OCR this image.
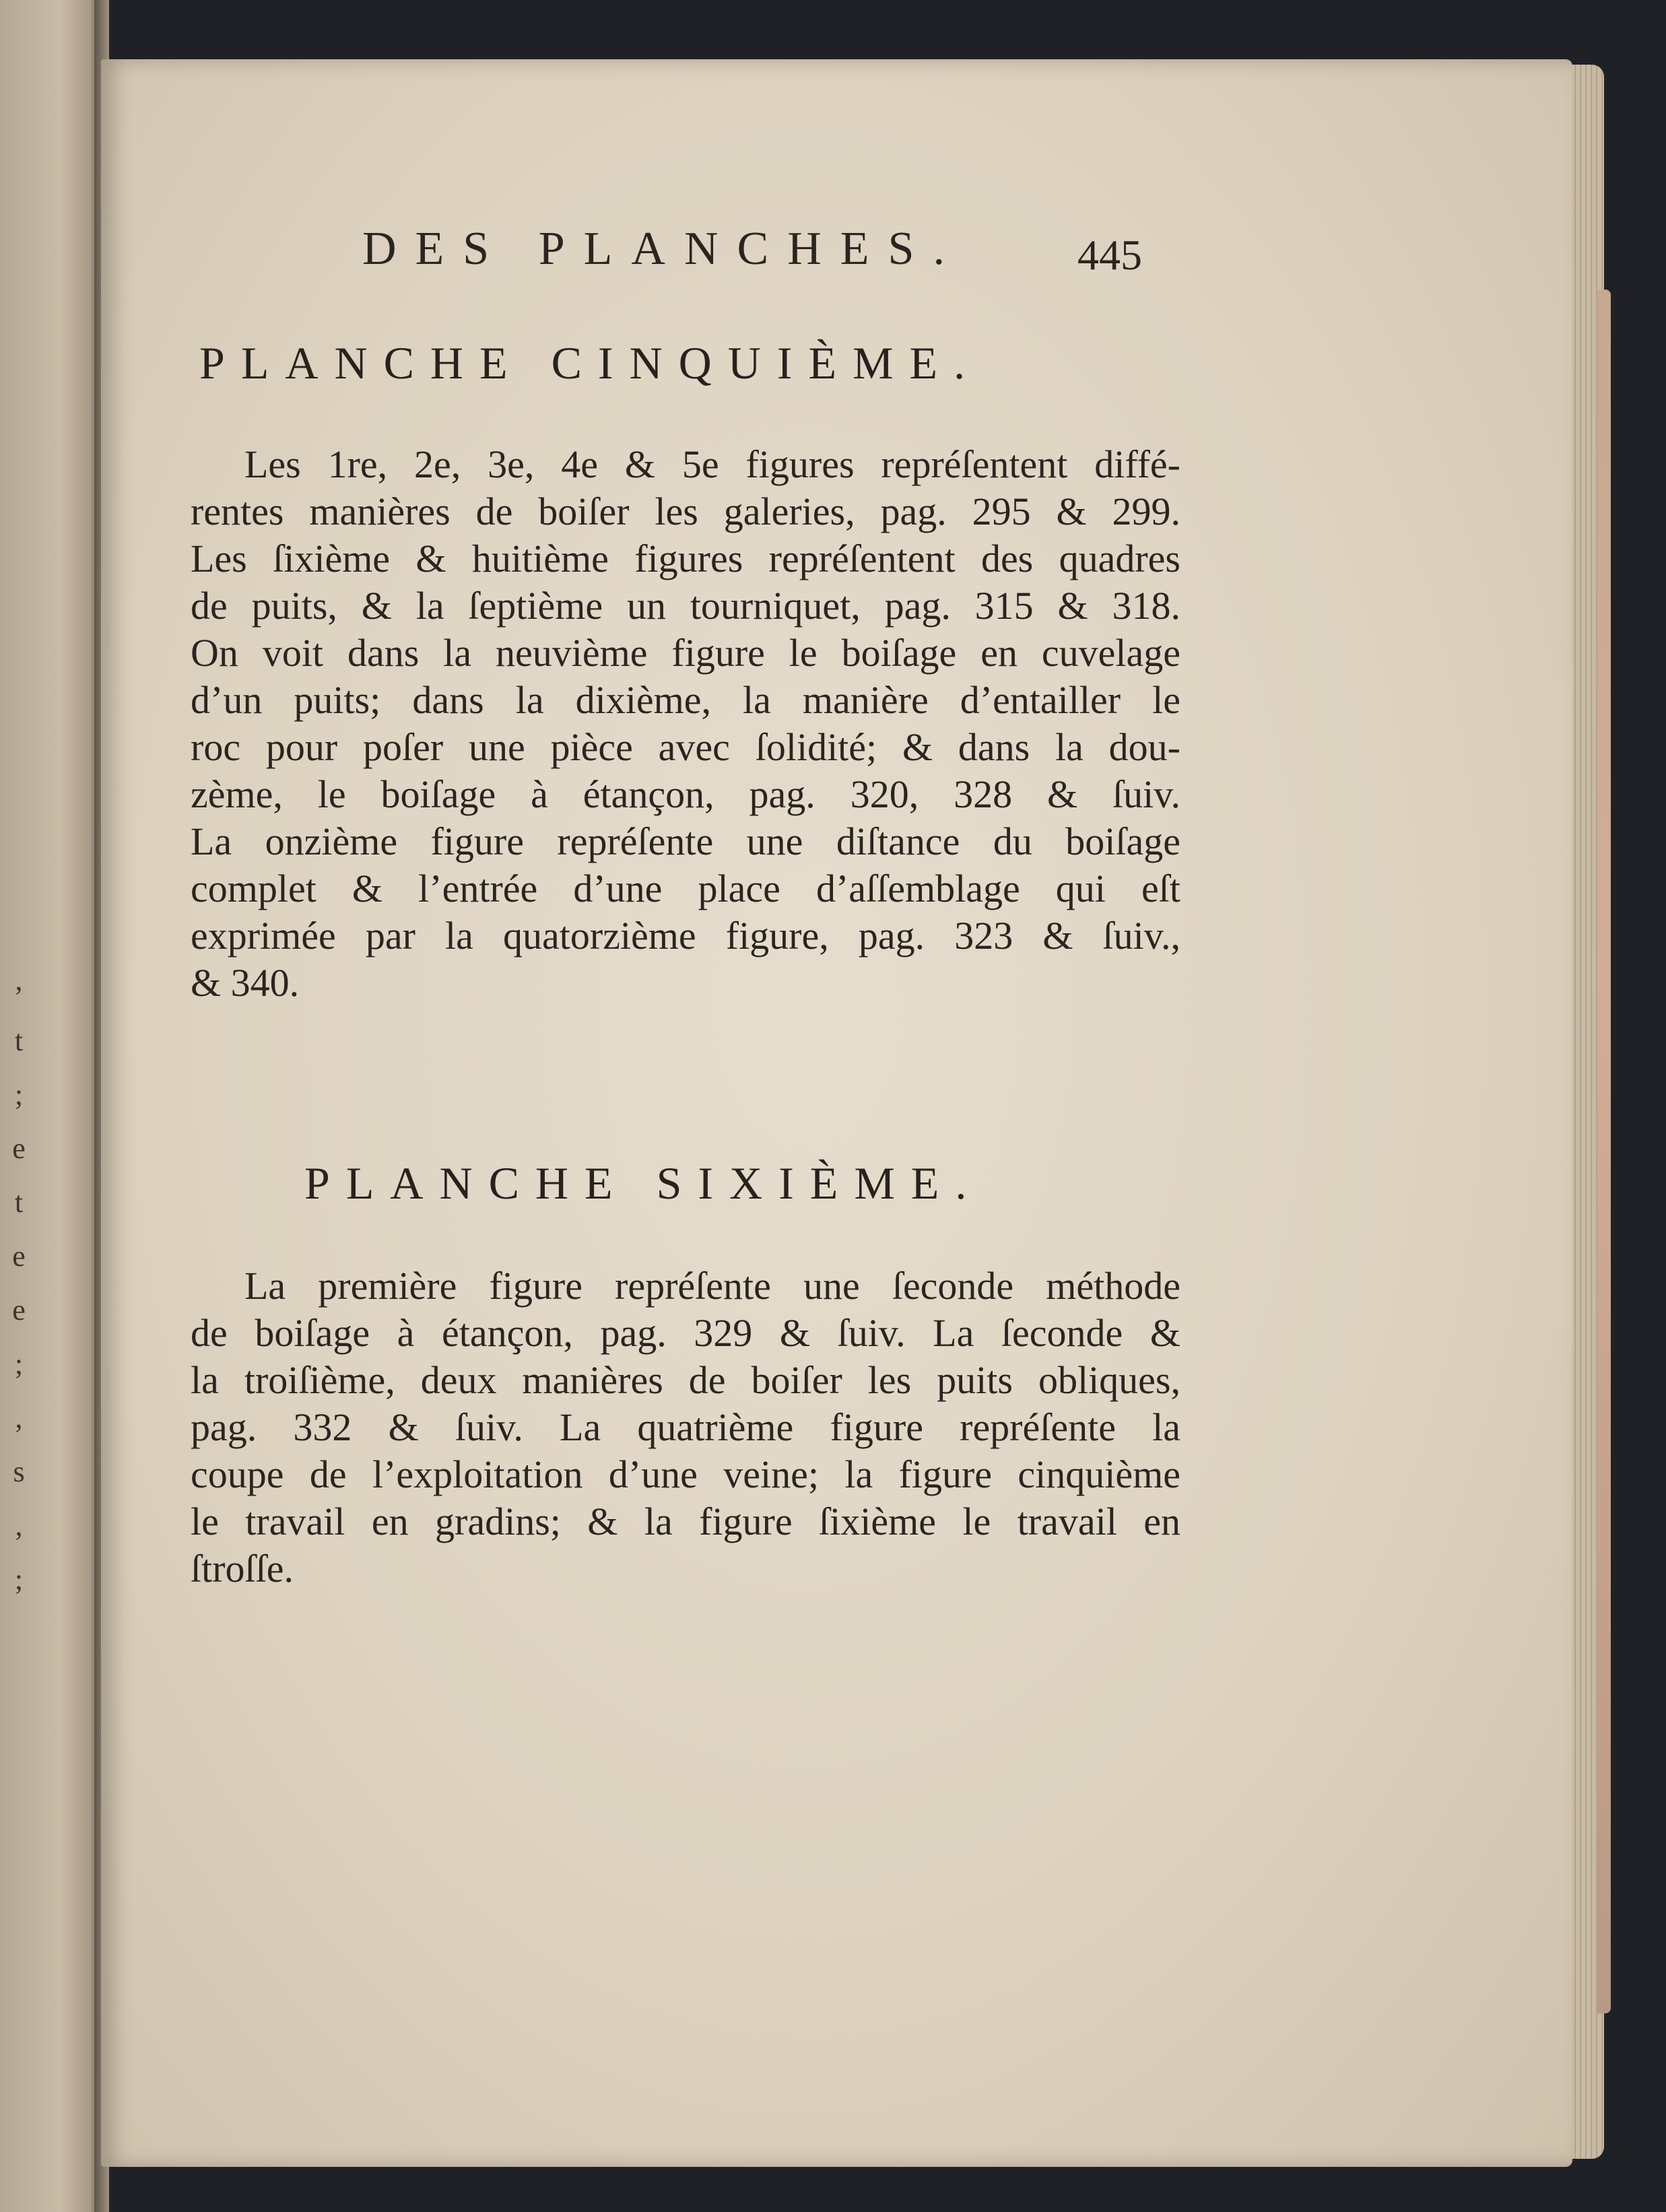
,
t
;
e
t
e
e
;
,
s
,
;
DES PLANCHES.	445
PLANCHE CINQUIÈME.
Les 1re, 2e, 3e, 4e & 5e figures repréſentent diffé-
rentes manières de boiſer les galeries, pag. 295 & 299.
Les ſixième & huitième figures repréſentent des quadres
de puits, & la ſeptième un tourniquet, pag. 315 & 318.
On voit dans la neuvième figure le boiſage en cuvelage
d’un puits; dans la dixième, la manière d’entailler le
roc pour poſer une pièce avec ſolidité; & dans la dou-
zème, le boiſage à étançon, pag. 320, 328 & ſuiv.
La onzième figure repréſente une diſtance du boiſage
complet & l’entrée d’une place d’aſſemblage qui eſt
exprimée par la quatorzième figure, pag. 323 & ſuiv.,
& 340.
PLANCHE SIXIÈME.
La première figure repréſente une ſeconde méthode
de boiſage à étançon, pag. 329 & ſuiv. La ſeconde &
la troiſième, deux manières de boiſer les puits obliques,
pag. 332 & ſuiv. La quatrième figure repréſente la
coupe de l’exploitation d’une veine; la figure cinquième
le travail en gradins; & la figure ſixième le travail en
ſtroſſe.
